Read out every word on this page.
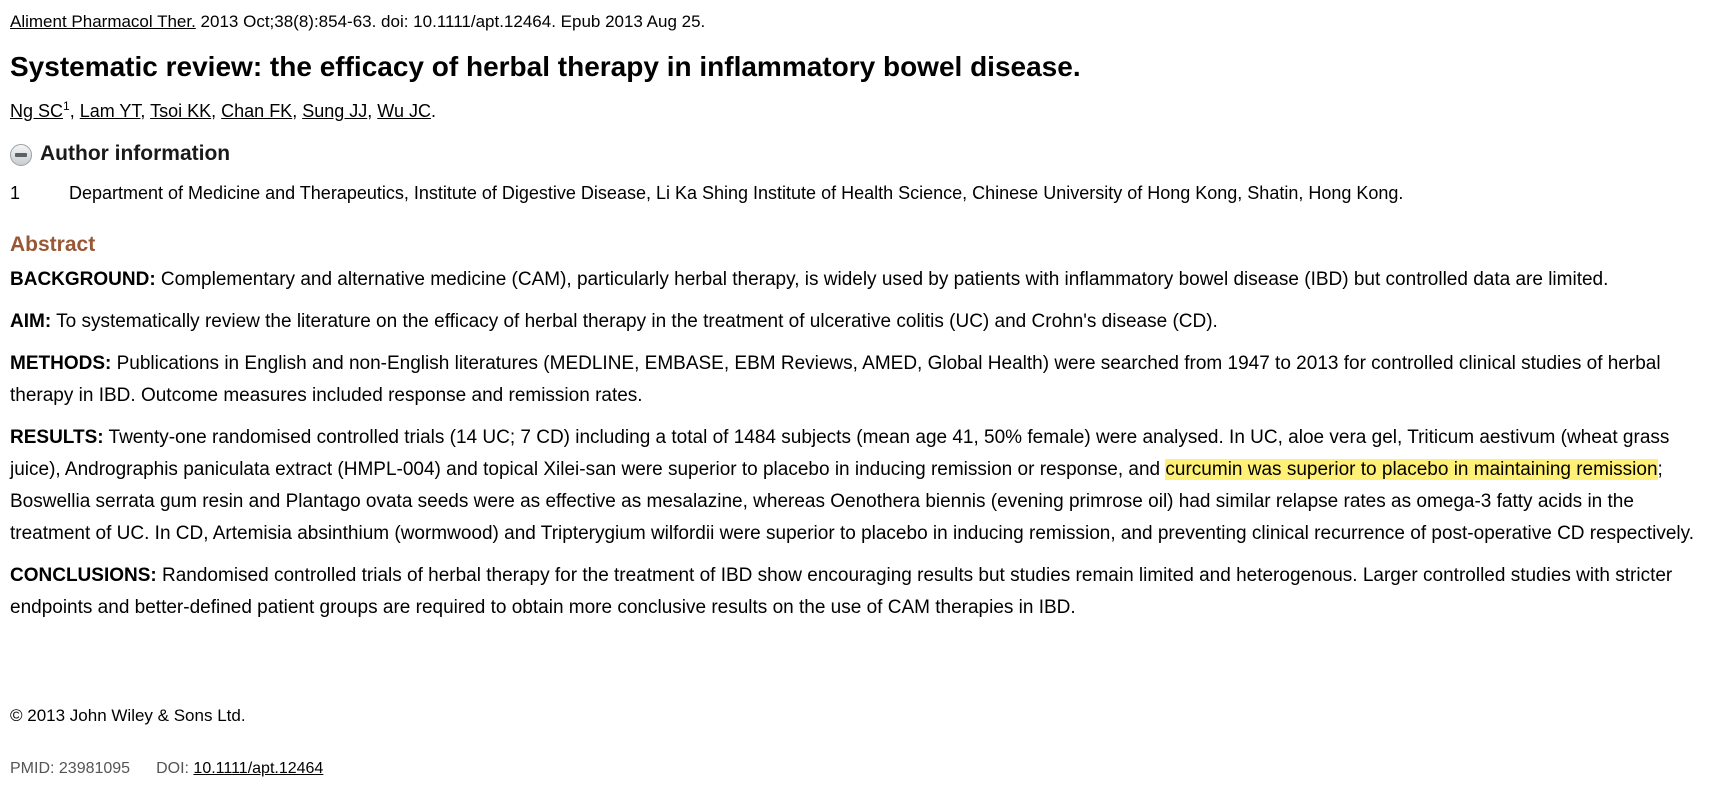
Aliment Pharmacol Ther. 2013 Oct;38(8):854-63. doi: 10.1111/apt.12464. Epub 2013 Aug 25.
Systematic review: the efficacy of herbal therapy in inflammatory bowel disease.
Ng $SC^1$, Lam YT, Tsoi KK, Chan FK, Sung JJ, Wu JC.
Author information
1	Department of Medicine and Therapeutics, Institute of Digestive Disease, Li Ka Shing Institute of Health Science, Chinese University of Hong Kong, Shatin, Hong Kong.
Abstract

BACKGROUND: Complementary and alternative medicine (CAM), particularly herbal therapy, is widely used by patients with inflammatory bowel disease (IBD) but controlled data are limited.

AIM: To systematically review the literature on the efficacy of herbal therapy in the treatment of ulcerative colitis (UC) and Crohn's disease (CD).

METHODS: Publications in English and non-English literatures (MEDLINE, EMBASE, EBM Reviews, AMED, Global Health) were searched from 1947 to 2013 for controlled clinical studies of herbal therapy in IBD. Outcome measures included response and remission rates.

RESULTS: Twenty-one randomised controlled trials (14 UC; 7 CD) including a total of 1484 subjects (mean age 41, 50% female) were analysed. In UC, aloe vera gel, Triticum aestivum (wheat grass juice), Andrographis paniculata extract (HMPL-004) and topical Xilei-san were superior to placebo in inducing remission or response, and curcumin was superior to placebo in maintaining remission; Boswellia serrata gum resin and Plantago ovata seeds were as effective as mesalazine, whereas Oenothera biennis (evening primrose oil) had similar relapse rates as omega-3 fatty acids in the treatment of UC. In CD, Artemisia absinthium (wormwood) and Tripterygium wilfordii were superior to placebo in inducing remission, and preventing clinical recurrence of post-operative CD respectively.

CONCLUSIONS: Randomised controlled trials of herbal therapy for the treatment of IBD show encouraging results but studies remain limited and heterogenous. Larger controlled studies with stricter endpoints and better-defined patient groups are required to obtain more conclusive results on the use of CAM therapies in IBD.

© 2013 John Wiley & Sons Ltd.
PMID: 23981095 DOI: 10.1111/apt.12464
